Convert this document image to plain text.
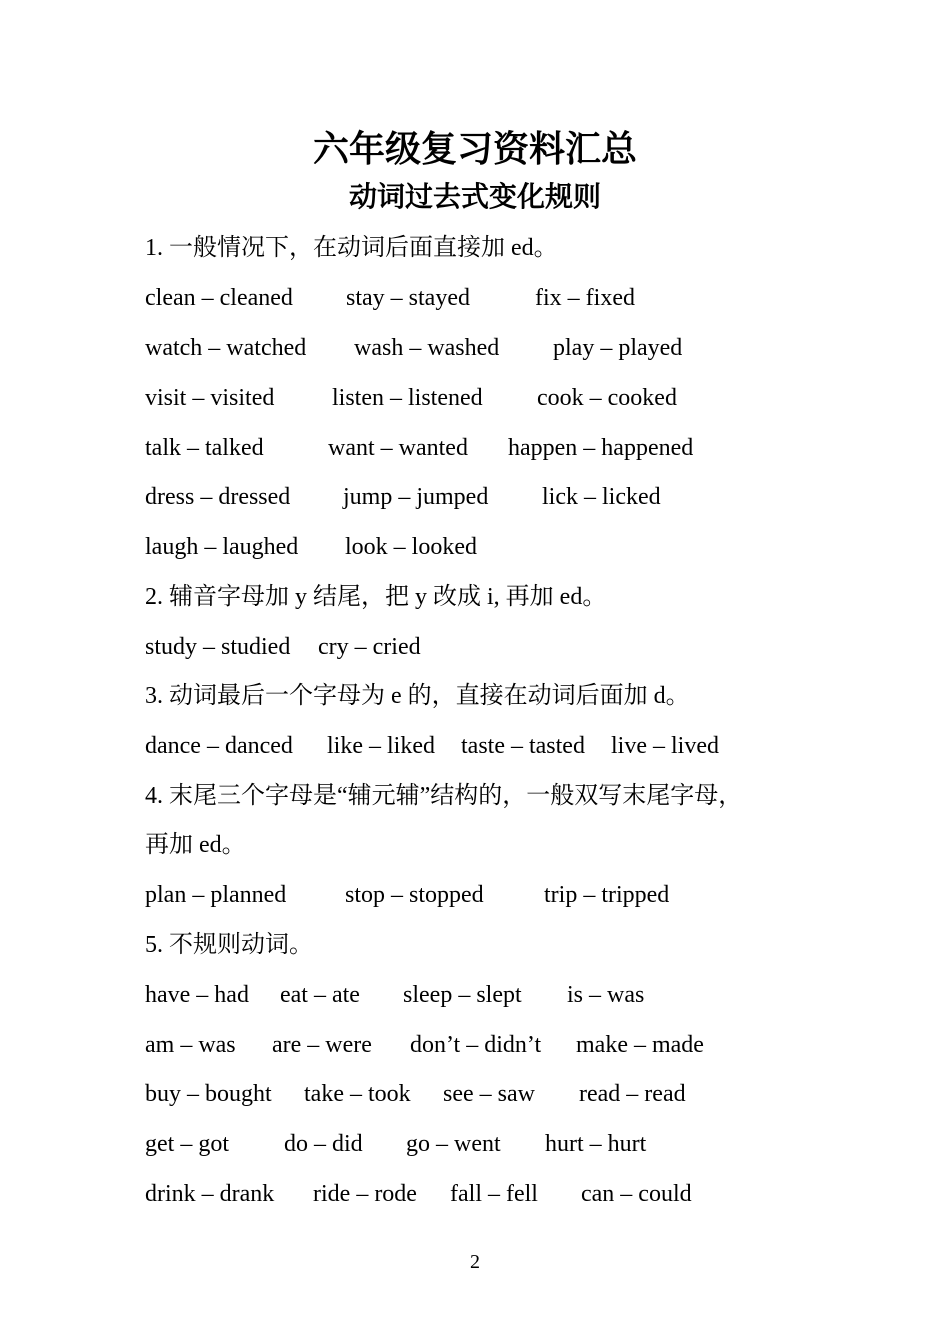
六年级复习资料汇总
动词过去式变化规则
1. 一般情况下，在动词后面直接加 ed。
clean – cleaned stay – stayed	fix – fixed
watch – watched wash – washed play – played
visit – visited listen – listened cook – cooked
talk – talked	want – wanted happen – happened
dress – dressed jump – jumped lick – licked
laugh – laughed look – looked
2. 辅音字母加 y 结尾，把 y 改成 i, 再加 ed。
study – studied cry – cried
3. 动词最后一个字母为 e 的，直接在动词后面加 d。
dance – danced like – liked taste – tasted live – lived
4. 末尾三个字母是“辅元辅”结构的，一般双写末尾字母，
再加 ed。
plan – planned stop – stopped	trip – tripped
5. 不规则动词。
have – had eat – ate sleep – slept is – was
am – was are – were don’t – didn’t make – made
buy – bought take – took see – saw read – read
get – got do – did go – went hurt – hurt
drink – drank ride – rode fall – fell can – could
2
